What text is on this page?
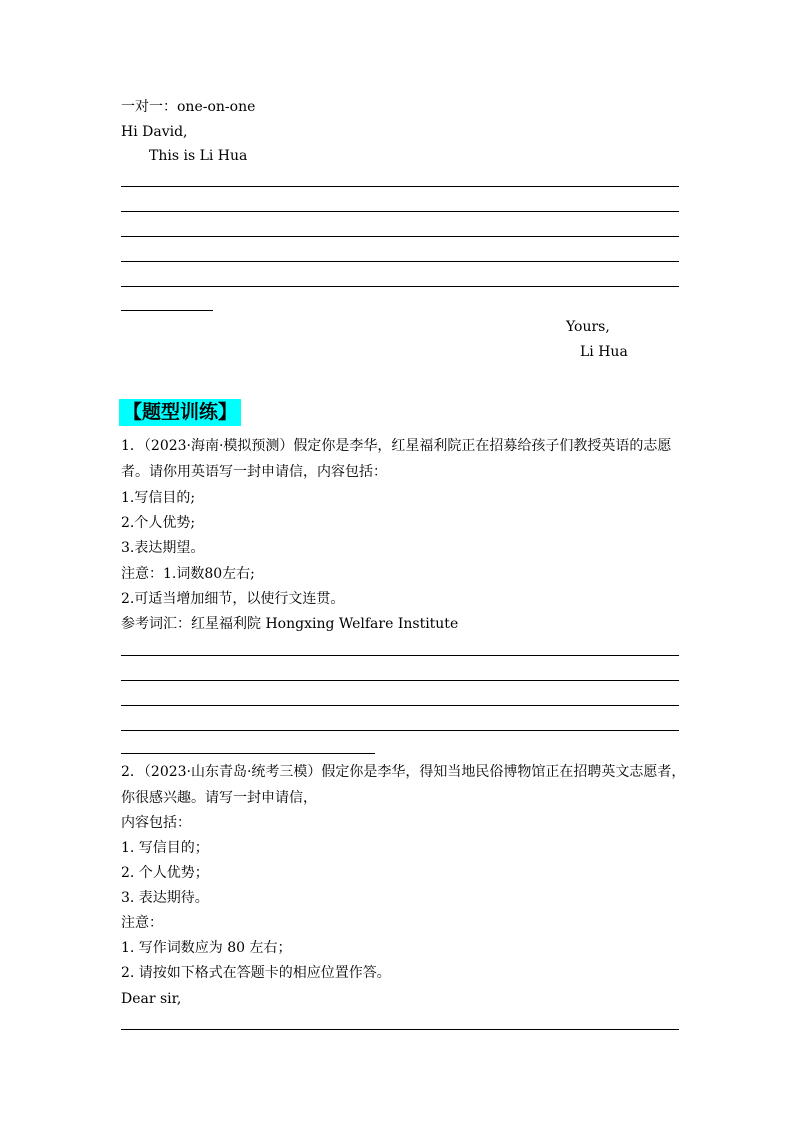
一对一：one-on-one
Hi David,
This is Li Hua
Yours,
Li Hua
【题型训练】
1．（2023·海南·模拟预测）假定你是李华，红星福利院正在招募给孩子们教授英语的志愿
者。请你用英语写一封申请信，内容包括：
1.写信目的;
2.个人优势;
3.表达期望。
注意：1.词数80左右;
2.可适当增加细节，以使行文连贯。
参考词汇：红星福利院 Hongxing Welfare Institute
2．（2023·山东青岛·统考三模）假定你是李华，得知当地民俗博物馆正在招聘英文志愿者，
你很感兴趣。请写一封申请信，
内容包括：
1. 写信目的；
2. 个人优势；
3. 表达期待。
注意：
1. 写作词数应为 80 左右；
2. 请按如下格式在答题卡的相应位置作答。
Dear sir,
